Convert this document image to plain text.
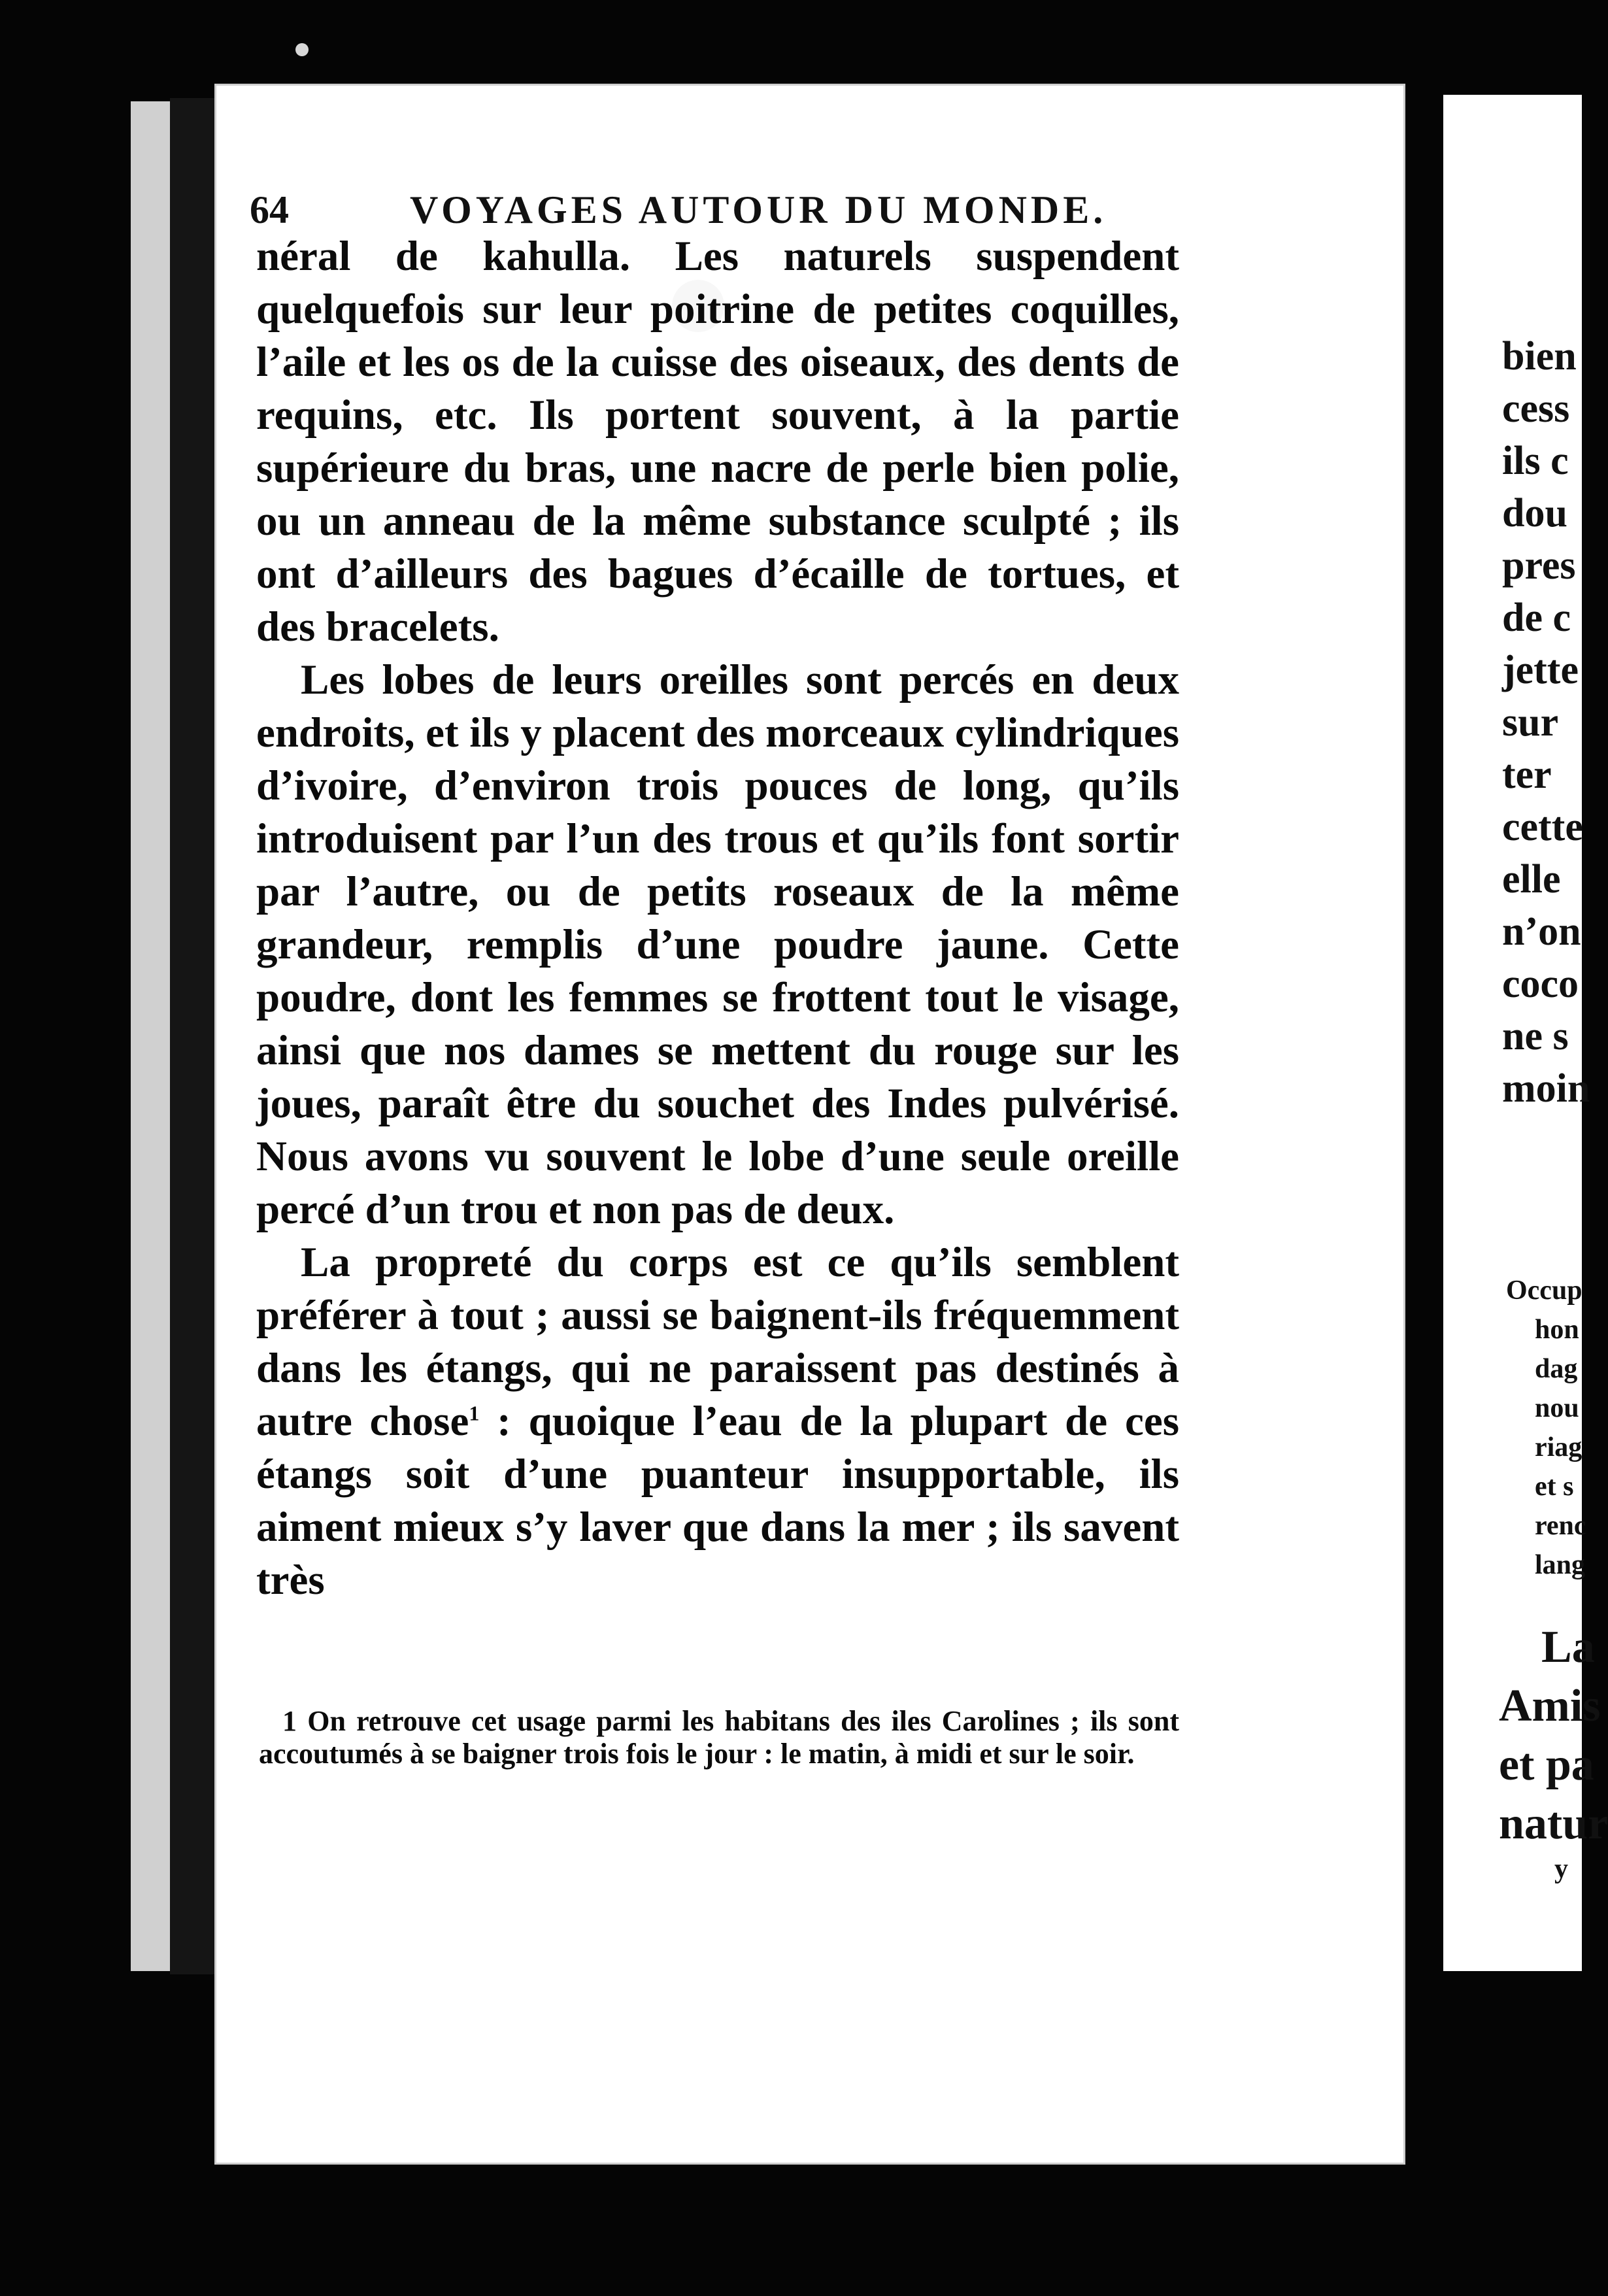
64	VOYAGES AUTOUR DU MONDE.

néral de kahulla. Les naturels suspendent quelquefois sur leur poitrine de petites coquilles, l’aile et les os de la cuisse des oiseaux, des dents de requins, etc. Ils portent souvent, à la partie supérieure du bras, une nacre de perle bien polie, ou un anneau de la même substance sculpté ; ils ont d’ailleurs des bagues d’écaille de tortues, et des bracelets.

Les lobes de leurs oreilles sont percés en deux endroits, et ils y placent des morceaux cylindriques d’ivoire, d’environ trois pouces de long, qu’ils introduisent par l’un des trous et qu’ils font sortir par l’autre, ou de petits roseaux de la même grandeur, remplis d’une poudre jaune. Cette poudre, dont les femmes se frottent tout le visage, ainsi que nos dames se mettent du rouge sur les joues, paraît être du souchet des Indes pulvérisé. Nous avons vu souvent le lobe d’une seule oreille percé d’un trou et non pas de deux.

La propreté du corps est ce qu’ils semblent préférer à tout ; aussi se baignent-ils fréquemment dans les étangs, qui ne paraissent pas destinés à autre chose$^1$ : quoique l’eau de la plupart de ces étangs soit d’une puanteur insupportable, ils aiment mieux s’y laver que dans la mer ; ils savent très

1 On retrouve cet usage parmi les habitans des iles Carolines ; ils sont accoutumés à se baigner trois fois le jour : le matin, à midi et sur le soir.

bien
cess
ils c
dou
pres
de c
jette
sur
ter
cette
elle
n’on
coco
ne s
moin
Occup
hon
dag
nou
riag
et s
renc
lang
La
Amis
et pa
natur
y
